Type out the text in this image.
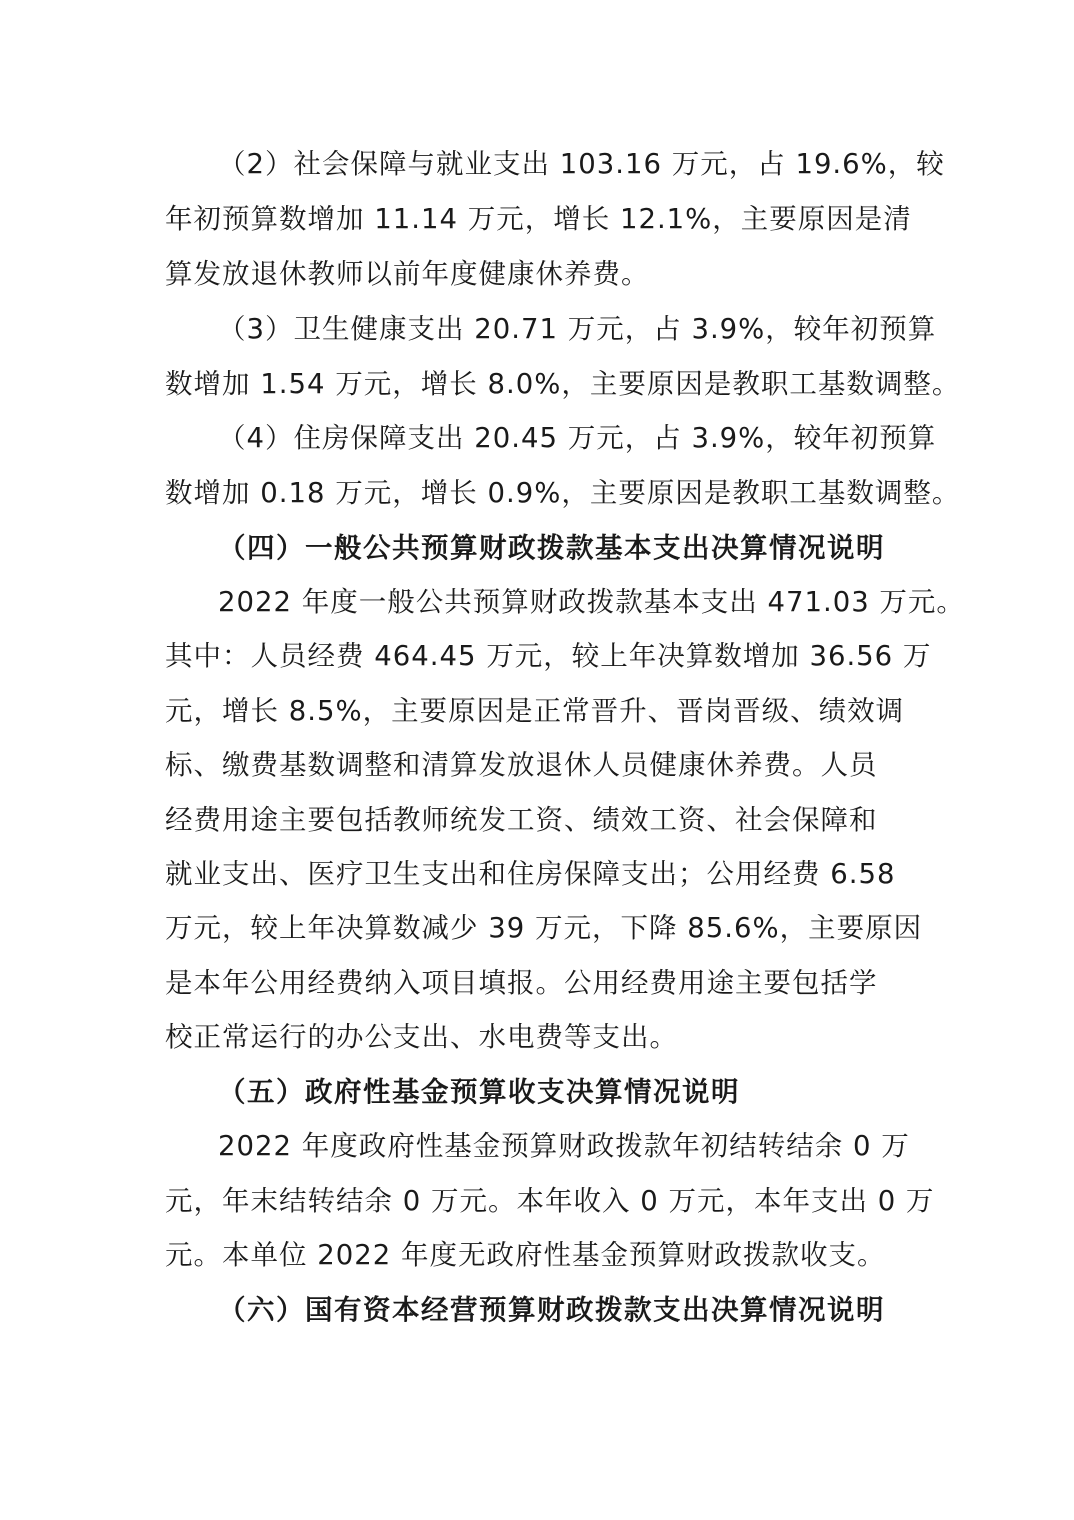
（2）社会保障与就业支出 103.16 万元，占 19.6%，较
年初预算数增加 11.14 万元，增长 12.1%，主要原因是清
算发放退休教师以前年度健康休养费。
（3）卫生健康支出 20.71 万元，占 3.9%，较年初预算
数增加 1.54 万元，增长 8.0%，主要原因是教职工基数调整。
（4）住房保障支出 20.45 万元，占 3.9%，较年初预算
数增加 0.18 万元，增长 0.9%，主要原因是教职工基数调整。
（四）一般公共预算财政拨款基本支出决算情况说明
2022 年度一般公共预算财政拨款基本支出 471.03 万元。
其中：人员经费 464.45 万元，较上年决算数增加 36.56 万
元，增长 8.5%，主要原因是正常晋升、晋岗晋级、绩效调
标、缴费基数调整和清算发放退休人员健康休养费。人员
经费用途主要包括教师统发工资、绩效工资、社会保障和
就业支出、医疗卫生支出和住房保障支出；公用经费 6.58
万元，较上年决算数减少 39 万元，下降 85.6%，主要原因
是本年公用经费纳入项目填报。公用经费用途主要包括学
校正常运行的办公支出、水电费等支出。
（五）政府性基金预算收支决算情况说明
2022 年度政府性基金预算财政拨款年初结转结余 0 万
元，年末结转结余 0 万元。本年收入 0 万元，本年支出 0 万
元。本单位 2022 年度无政府性基金预算财政拨款收支。
（六）国有资本经营预算财政拨款支出决算情况说明
